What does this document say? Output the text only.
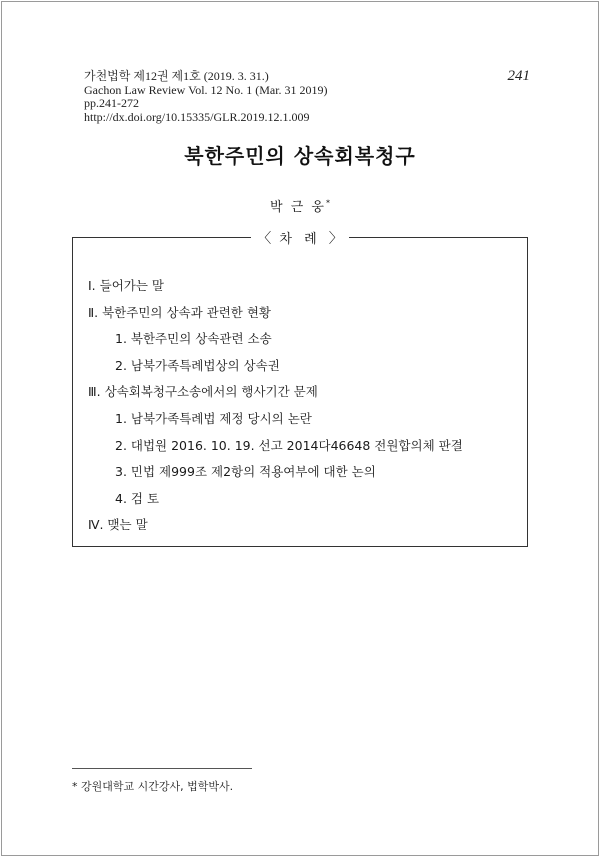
가천법학 제12권 제1호 (2019. 3. 31.)
Gachon Law Review Vol. 12 No. 1 (Mar. 31 2019)
pp.241-272
http://dx.doi.org/10.15335/GLR.2019.12.1.009
241
북한주민의 상속회복청구
박 근 웅*
〈 차 례 〉
Ⅰ. 들어가는 말
Ⅱ. 북한주민의 상속과 관련한 현황
1. 북한주민의 상속관련 소송
2. 남북가족특례법상의 상속권
Ⅲ. 상속회복청구소송에서의 행사기간 문제
1. 남북가족특례법 제정 당시의 논란
2. 대법원 2016. 10. 19. 선고 2014다46648 전원합의체 판결
3. 민법 제999조 제2항의 적용여부에 대한 논의
4. 검 토
Ⅳ. 맺는 말
* 강원대학교 시간강사, 법학박사.
